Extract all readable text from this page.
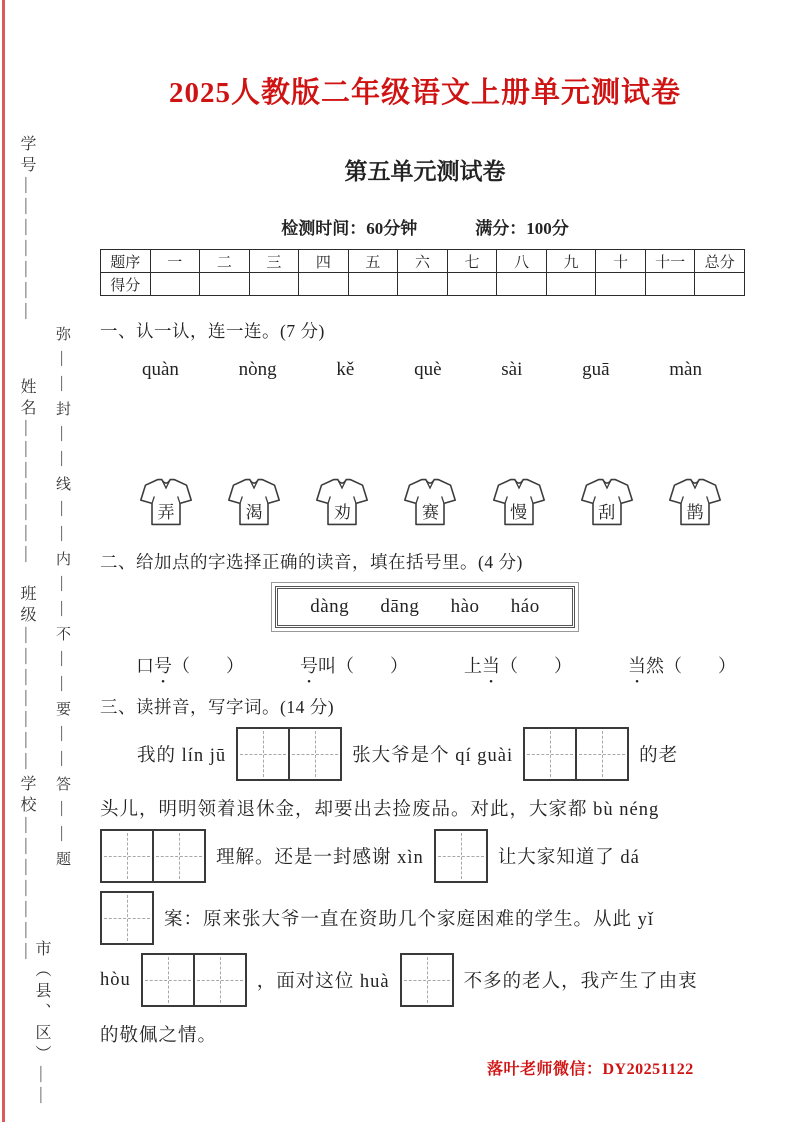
学号———————
姓名———————
班级———————
学校———————
市（县、区）——
弥——封——线——内——不——要——答——题
2025人教版二年级语文上册单元测试卷
第五单元测试卷
检测时间：60分钟	满分：100分
题序	一	二	三	四	五	六	七	八	九	十	十一	总分
得分												
一、认一认，连一连。(7 分)
quàn	nòng	kě	què	sài	guā	màn
弄	渴	劝	赛	慢	刮	鹊
二、给加点的字选择正确的读音，填在括号里。(4 分)
dàng dāng hào háo
口号（ ）	号叫（ ）	上当（ ）	当然（ ）
三、读拼音，写字词。(14 分)
我的 lín jū	张大爷是个 qí guài	的老
头儿，明明领着退休金，却要出去捡废品。对此，大家都 bù néng
理解。还是一封感谢 xìn	让大家知道了 dá
案：原来张大爷一直在资助几个家庭困难的学生。从此 yǐ
hòu	，面对这位 huà	不多的老人，我产生了由衷
的敬佩之情。
落叶老师微信：DY20251122
